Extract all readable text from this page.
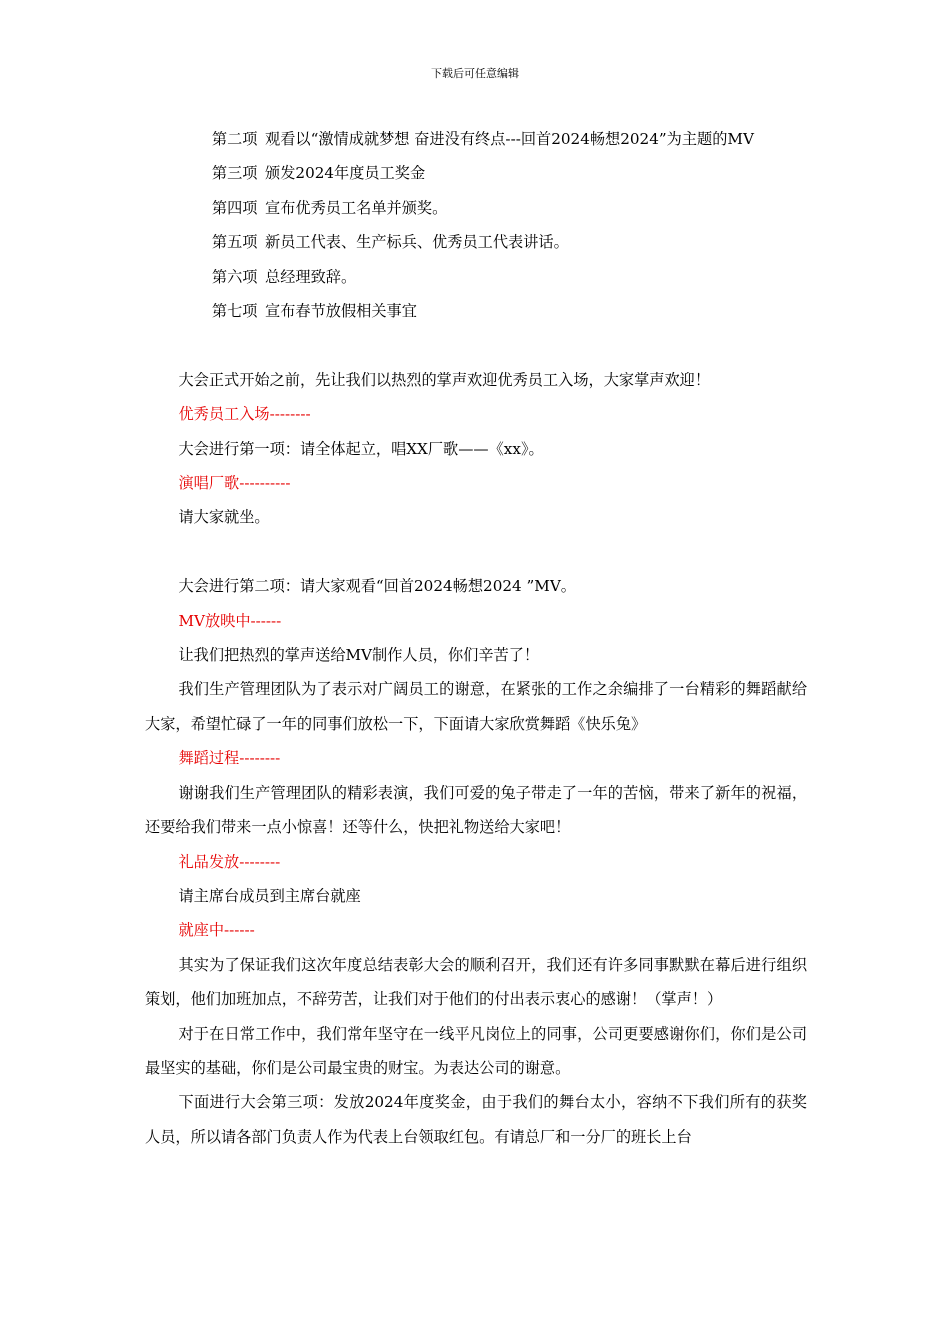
下载后可任意编辑

第二项 观看以“激情成就梦想 奋进没有终点---回首2024畅想2024”为主题的MV

第三项 颁发2024年度员工奖金

第四项 宣布优秀员工名单并颁奖。

第五项 新员工代表、生产标兵、优秀员工代表讲话。

第六项 总经理致辞。

第七项 宣布春节放假相关事宜

大会正式开始之前，先让我们以热烈的掌声欢迎优秀员工入场，大家掌声欢迎！

优秀员工入场--------

大会进行第一项：请全体起立，唱XX厂歌——《xx》。

演唱厂歌----------

请大家就坐。

大会进行第二项：请大家观看“回首2024畅想2024 ”MV。

MV放映中------

让我们把热烈的掌声送给MV制作人员，你们辛苦了！

我们生产管理团队为了表示对广阔员工的谢意，在紧张的工作之余编排了一台精彩的舞蹈献给大家，希望忙碌了一年的同事们放松一下，下面请大家欣赏舞蹈《快乐兔》

舞蹈过程--------

谢谢我们生产管理团队的精彩表演，我们可爱的兔子带走了一年的苦恼，带来了新年的祝福，还要给我们带来一点小惊喜！还等什么，快把礼物送给大家吧！

礼品发放--------

请主席台成员到主席台就座

就座中------

其实为了保证我们这次年度总结表彰大会的顺利召开，我们还有许多同事默默在幕后进行组织策划，他们加班加点，不辞劳苦，让我们对于他们的付出表示衷心的感谢！（掌声！）

对于在日常工作中，我们常年坚守在一线平凡岗位上的同事，公司更要感谢你们，你们是公司最坚实的基础，你们是公司最宝贵的财宝。为表达公司的谢意。

下面进行大会第三项：发放2024年度奖金，由于我们的舞台太小，容纳不下我们所有的获奖人员，所以请各部门负责人作为代表上台领取红包。有请总厂和一分厂的班长上台
